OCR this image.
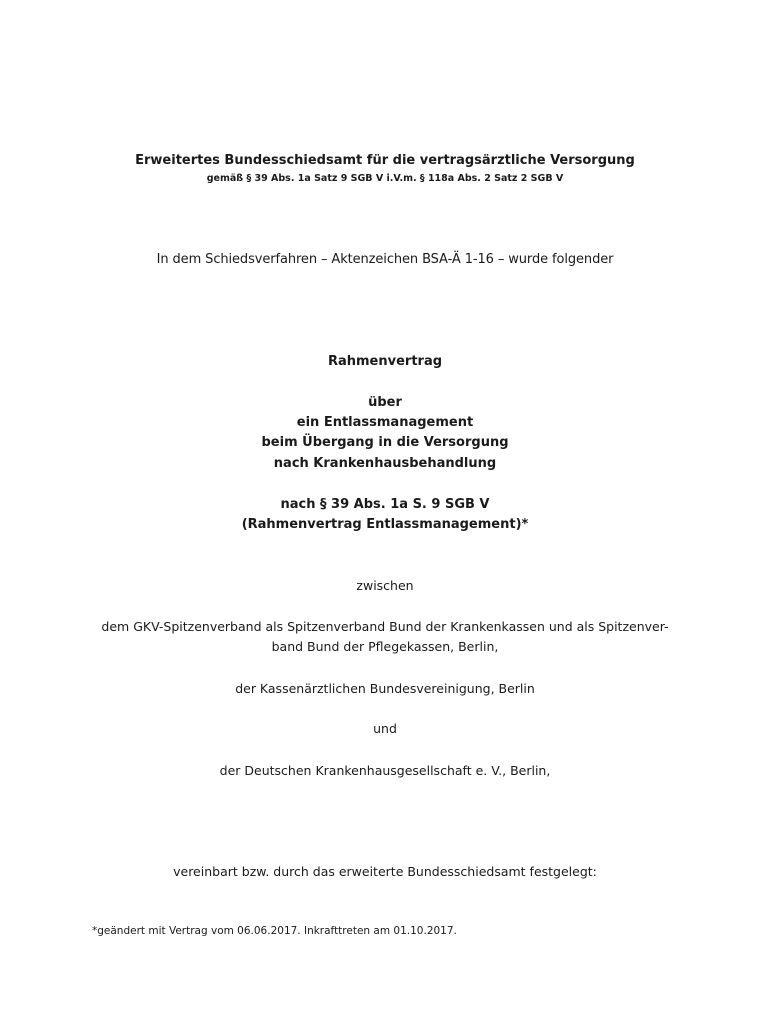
Erweitertes Bundesschiedsamt für die vertragsärztliche Versorgung
gemäß § 39 Abs. 1a Satz 9 SGB V i.V.m. § 118a Abs. 2 Satz 2 SGB V
In dem Schiedsverfahren – Aktenzeichen BSA-Ä 1-16 – wurde folgender
Rahmenvertrag
über
ein Entlassmanagement
beim Übergang in die Versorgung
nach Krankenhausbehandlung
nach § 39 Abs. 1a S. 9 SGB V
(Rahmenvertrag Entlassmanagement)*
zwischen
dem GKV-Spitzenverband als Spitzenverband Bund der Krankenkassen und als Spitzenver-
band Bund der Pflegekassen, Berlin,
der Kassenärztlichen Bundesvereinigung, Berlin
und
der Deutschen Krankenhausgesellschaft e. V., Berlin,
vereinbart bzw. durch das erweiterte Bundesschiedsamt festgelegt:
*geändert mit Vertrag vom 06.06.2017. Inkrafttreten am 01.10.2017.
